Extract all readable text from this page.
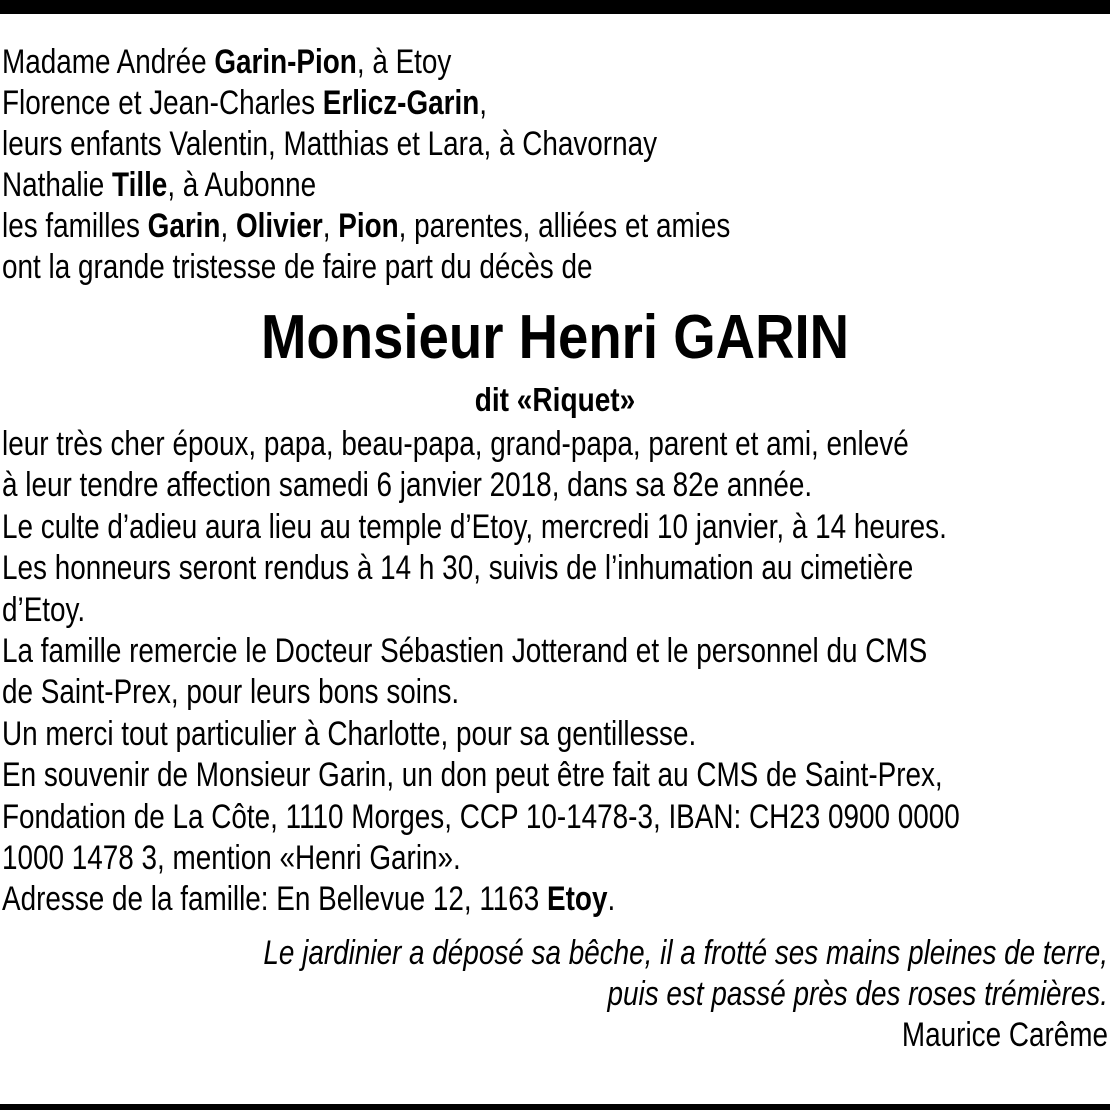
Madame Andrée Garin-Pion, à Etoy
Florence et Jean-Charles Erlicz-Garin,
leurs enfants Valentin, Matthias et Lara, à Chavornay
Nathalie Tille, à Aubonne
les familles Garin, Olivier, Pion, parentes, alliées et amies
ont la grande tristesse de faire part du décès de
Monsieur Henri GARIN
dit «Riquet»
leur très cher époux, papa, beau-papa, grand-papa, parent et ami, enlevé
à leur tendre affection samedi 6 janvier 2018, dans sa 82e année.
Le culte d’adieu aura lieu au temple d’Etoy, mercredi 10 janvier, à 14 heures.
Les honneurs seront rendus à 14 h 30, suivis de l’inhumation au cimetière
d’Etoy.
La famille remercie le Docteur Sébastien Jotterand et le personnel du CMS
de Saint-Prex, pour leurs bons soins.
Un merci tout particulier à Charlotte, pour sa gentillesse.
En souvenir de Monsieur Garin, un don peut être fait au CMS de Saint-Prex,
Fondation de La Côte, 1110 Morges, CCP 10-1478-3, IBAN: CH23 0900 0000
1000 1478 3, mention «Henri Garin».
Adresse de la famille: En Bellevue 12, 1163 Etoy.
Le jardinier a déposé sa bêche, il a frotté ses mains pleines de terre,
puis est passé près des roses trémières.
Maurice Carême
